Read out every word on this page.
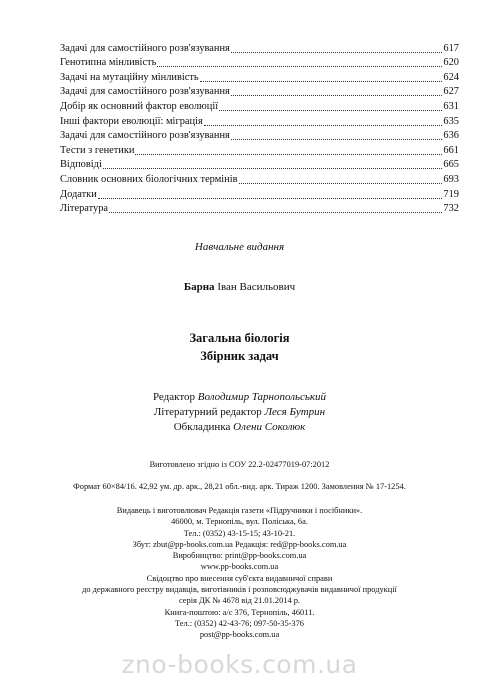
Задачі для самостійного розв'язування	617
Генотипна мінливість	620
Задачі на мутаційну мінливість	624
Задачі для самостійного розв'язування	627
Добір як основний фактор еволюції	631
Інші фактори еволюції: міграція	635
Задачі для самостійного розв'язування	636
Тести з генетики	661
Відповіді	665
Словник основних біологічних термінів	693
Додатки	719
Література	732
Навчальне видання
Барна Іван Васильович
Загальна біологія
Збірник задач
Редактор Володимир Тарнопольський
Літературний редактор Леся Бутрин
Обкладинка Олени Соколюк
Виготовлено згідно із СОУ 22.2-02477019-07:2012
Формат 60×84/16. 42,92 ум. др. арк., 28,21 обл.-вид. арк. Тираж 1200. Замовлення № 17-1254.
Видавець і виготовлювач Редакція газети «Підручники і посібники».
46000, м. Тернопіль, вул. Поліська, 6а.
Тел.: (0352) 43-15-15; 43-10-21.
Збут: zbut@pp-books.com.ua Редакція: red@pp-books.com.ua
Виробництво: print@pp-books.com.ua
www.pp-books.com.ua
Свідоцтво про внесення суб'єкта видавничої справи
до державного реєстру видавців, виготівників і розповсюджувачів видавничої продукції
серія ДК № 4678 від 21.01.2014 р.
Книга-поштою: а/с 376, Тернопіль, 46011.
Тел.: (0352) 42-43-76; 097-50-35-376
post@pp-books.com.ua
zno-books.com.ua
